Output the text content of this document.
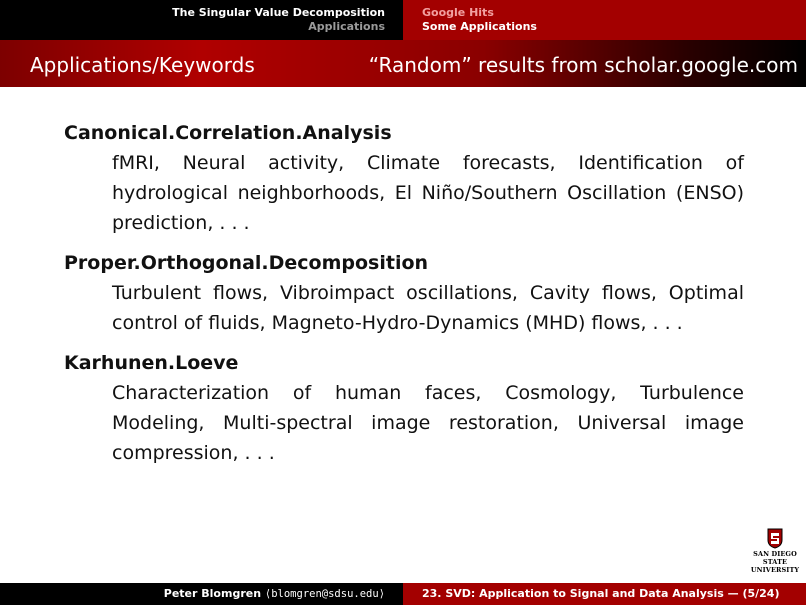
The Singular Value Decomposition
Applications
Google Hits
Some Applications
Applications/Keywords	“Random” results from scholar.google.com
Canonical.Correlation.Analysis
fMRI, Neural activity, Climate forecasts, Identification of hydrological neighborhoods, El Niño/Southern Oscillation (ENSO) prediction, . . .
Proper.Orthogonal.Decomposition
Turbulent flows, Vibroimpact oscillations, Cavity flows, Optimal control of fluids, Magneto-Hydro-Dynamics (MHD) flows, . . .
Karhunen.Loeve
Characterization of human faces, Cosmology, Turbulence Modeling, Multi-spectral image restoration, Universal image compression, . . .
SAN DIEGO STATE
UNIVERSITY
Peter Blomgren ⟨blomgren@sdsu.edu⟩	23. SVD: Application to Signal and Data Analysis — (5/24)
